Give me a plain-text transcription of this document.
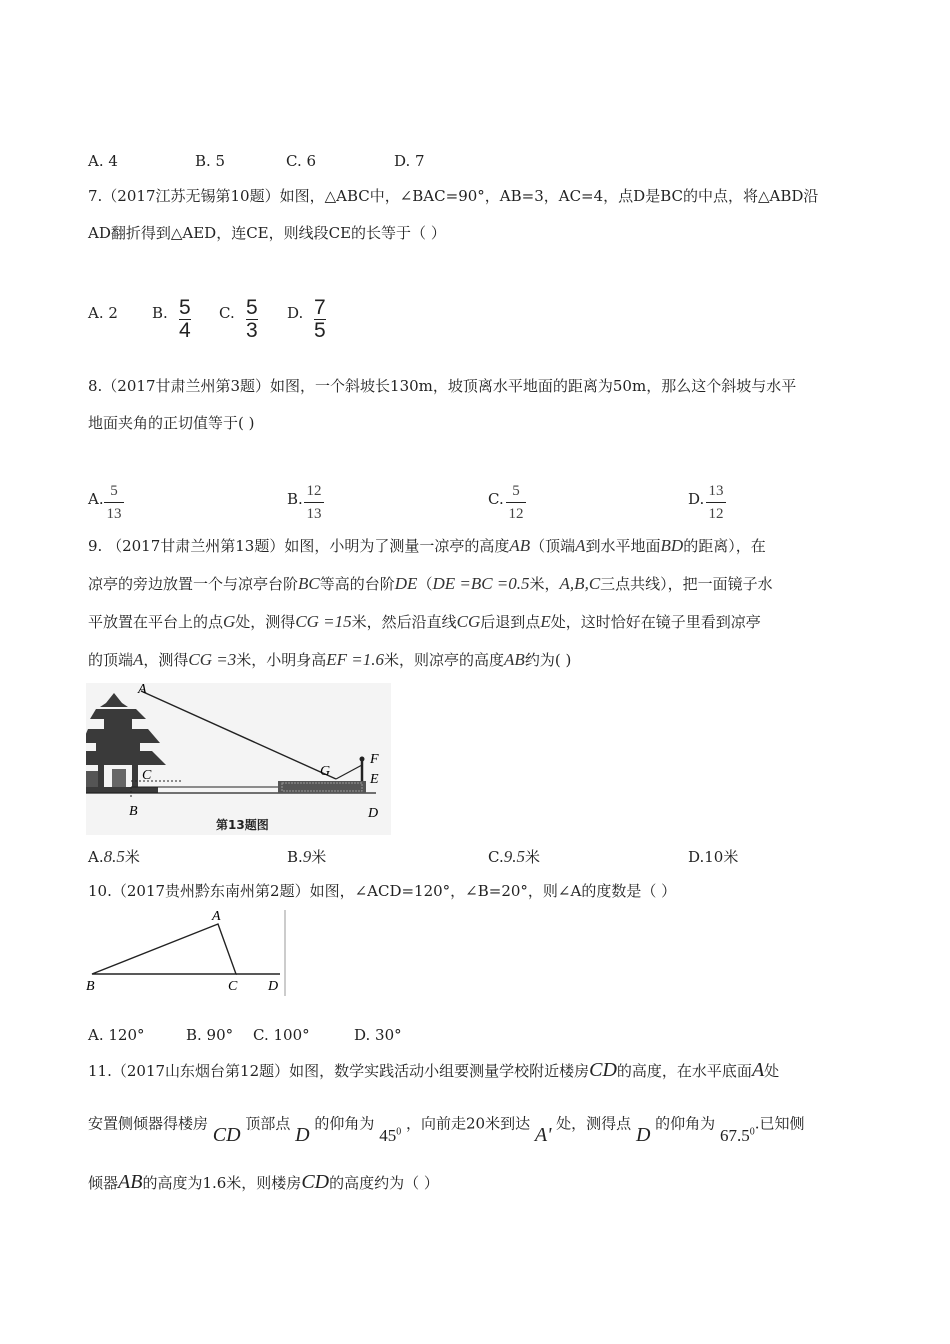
A. 4	B. 5	C. 6	D. 7
7.（2017江苏无锡第10题）如图，△ABC中，∠BAC=90°，AB=3，AC=4，点D是BC的中点，将△ABD沿
AD翻折得到△AED，连CE，则线段CE的长等于（ ）
A. 2 B. $\frac{5}{4} C$. $\frac{5}{3} D$. $\frac{7}{5}$
8.（2017甘肃兰州第3题）如图，一个斜坡长130m，坡顶离水平地面的距离为50m，那么这个斜坡与水平
地面夹角的正切值等于( )
A. $\frac{5}{13}$	B. $\frac{12}{13}$	C. $\frac{5}{12}$	D. $\frac{13}{12}$
9. （2017甘肃兰州第13题）如图，小明为了测量一凉亭的高度AB（顶端A到水平地面BD的距离），在
凉亭的旁边放置一个与凉亭台阶BC等高的台阶DE（DE =BC =0.5米，A,B,C三点共线），把一面镜子水
平放置在平台上的点G处，测得CG =15米，然后沿直线CG后退到点E处，这时恰好在镜子里看到凉亭
的顶端A，测得CG =3米，小明身高EF =1.6米，则凉亭的高度AB约为( )
A
B
C	G
F
E
D
第13题图
A.8.5米	B.9米	C.9.5米	D.10米
10.（2017贵州黔东南州第2题）如图，∠ACD=120°，∠B=20°，则∠A的度数是（ ）
A
B	C D
A. 120°	B. 90° C. 100°	D. 30°
11.（2017山东烟台第12题）如图，数学实践活动小组要测量学校附近楼房CD的高度，在水平底面A处
安置侧倾器得楼房 CD 顶部点 D 的仰角为 $45^0$ ，向前走20米到达 A' 处，测得点 D 的仰角为 67.5$^0$.已知侧
倾器AB的高度为1.6米，则楼房CD的高度约为（ ）
